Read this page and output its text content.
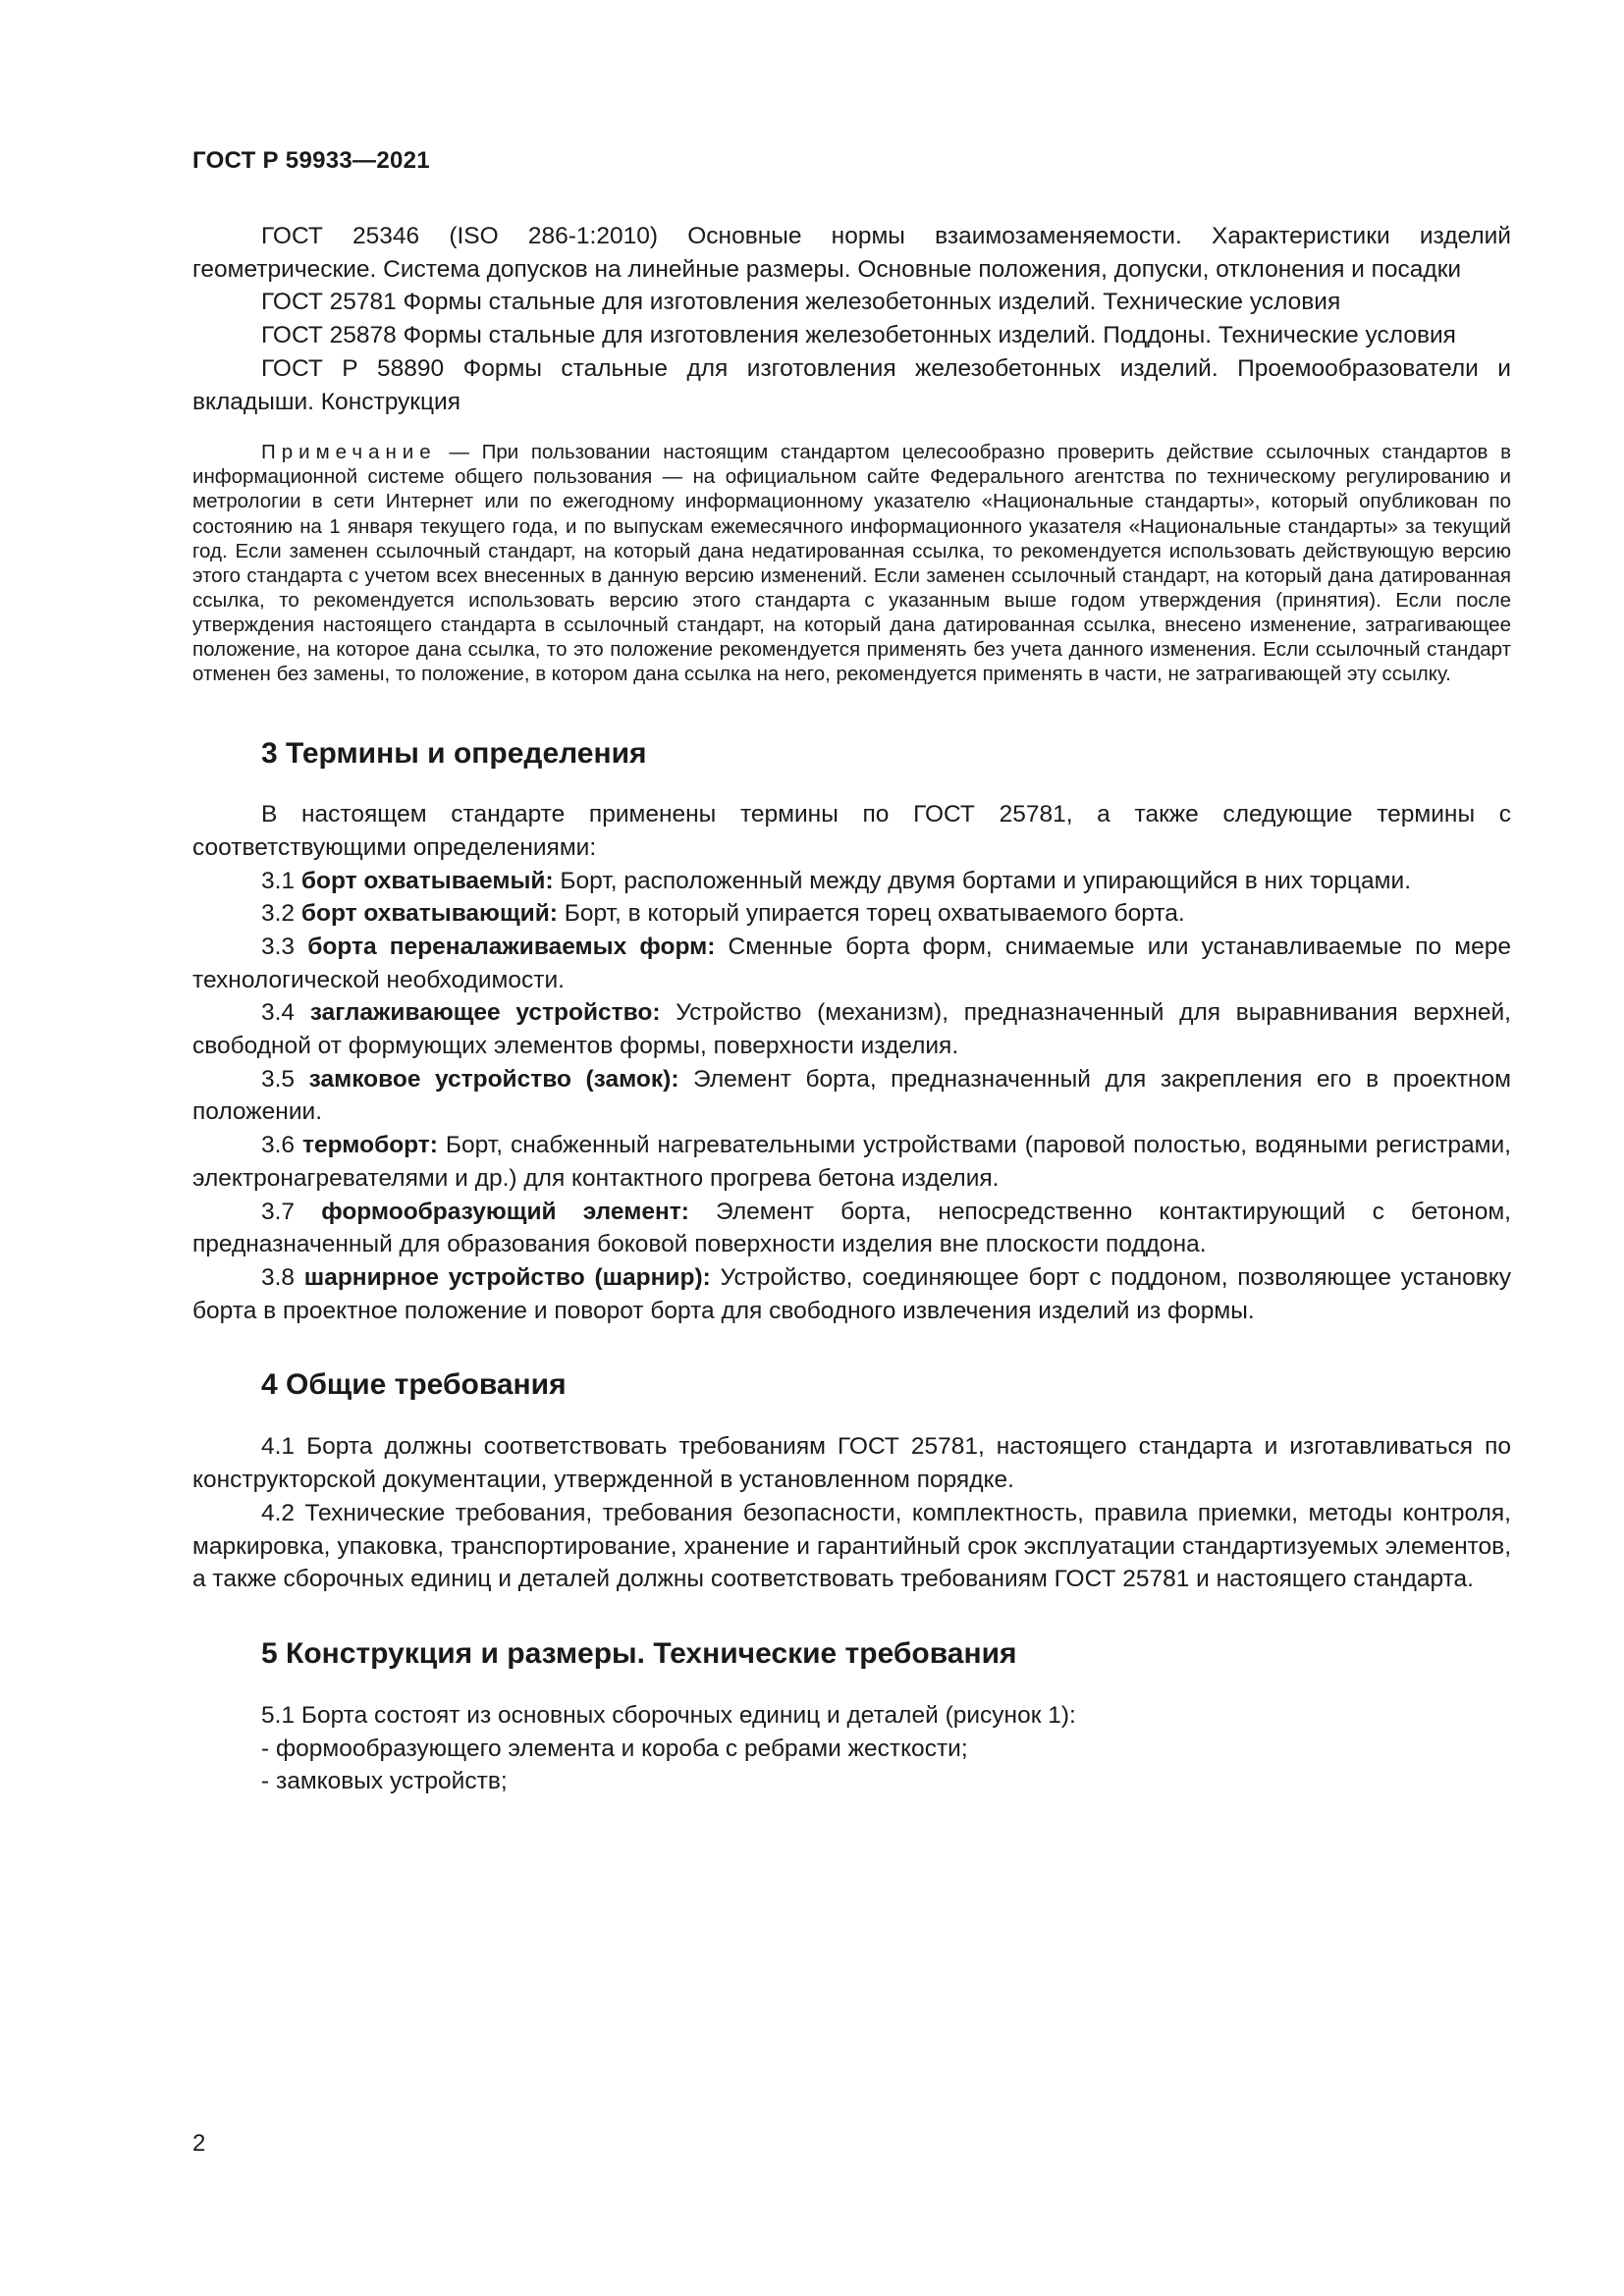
ГОСТ Р 59933—2021

ГОСТ 25346 (ISO 286-1:2010) Основные нормы взаимозаменяемости. Характеристики изделий геометрические. Система допусков на линейные размеры. Основные положения, допуски, отклонения и посадки

ГОСТ 25781 Формы стальные для изготовления железобетонных изделий. Технические условия

ГОСТ 25878 Формы стальные для изготовления железобетонных изделий. Поддоны. Технические условия

ГОСТ Р 58890 Формы стальные для изготовления железобетонных изделий. Проемообразователи и вкладыши. Конструкция

Примечание — При пользовании настоящим стандартом целесообразно проверить действие ссылочных стандартов в информационной системе общего пользования — на официальном сайте Федерального агентства по техническому регулированию и метрологии в сети Интернет или по ежегодному информационному указателю «Национальные стандарты», который опубликован по состоянию на 1 января текущего года, и по выпускам ежемесячного информационного указателя «Национальные стандарты» за текущий год. Если заменен ссылочный стандарт, на который дана недатированная ссылка, то рекомендуется использовать действующую версию этого стандарта с учетом всех внесенных в данную версию изменений. Если заменен ссылочный стандарт, на который дана датированная ссылка, то рекомендуется использовать версию этого стандарта с указанным выше годом утверждения (принятия). Если после утверждения настоящего стандарта в ссылочный стандарт, на который дана датированная ссылка, внесено изменение, затрагивающее положение, на которое дана ссылка, то это положение рекомендуется применять без учета данного изменения. Если ссылочный стандарт отменен без замены, то положение, в котором дана ссылка на него, рекомендуется применять в части, не затрагивающей эту ссылку.

3 Термины и определения

В настоящем стандарте применены термины по ГОСТ 25781, а также следующие термины с соответствующими определениями:

3.1 борт охватываемый: Борт, расположенный между двумя бортами и упирающийся в них торцами.

3.2 борт охватывающий: Борт, в который упирается торец охватываемого борта.

3.3 борта переналаживаемых форм: Сменные борта форм, снимаемые или устанавливаемые по мере технологической необходимости.

3.4 заглаживающее устройство: Устройство (механизм), предназначенный для выравнивания верхней, свободной от формующих элементов формы, поверхности изделия.

3.5 замковое устройство (замок): Элемент борта, предназначенный для закрепления его в проектном положении.

3.6 термоборт: Борт, снабженный нагревательными устройствами (паровой полостью, водяными регистрами, электронагревателями и др.) для контактного прогрева бетона изделия.

3.7 формообразующий элемент: Элемент борта, непосредственно контактирующий с бетоном, предназначенный для образования боковой поверхности изделия вне плоскости поддона.

3.8 шарнирное устройство (шарнир): Устройство, соединяющее борт с поддоном, позволяющее установку борта в проектное положение и поворот борта для свободного извлечения изделий из формы.

4 Общие требования

4.1 Борта должны соответствовать требованиям ГОСТ 25781, настоящего стандарта и изготавливаться по конструкторской документации, утвержденной в установленном порядке.

4.2 Технические требования, требования безопасности, комплектность, правила приемки, методы контроля, маркировка, упаковка, транспортирование, хранение и гарантийный срок эксплуатации стандартизуемых элементов, а также сборочных единиц и деталей должны соответствовать требованиям ГОСТ 25781 и настоящего стандарта.

5 Конструкция и размеры. Технические требования

5.1 Борта состоят из основных сборочных единиц и деталей (рисунок 1):

- формообразующего элемента и короба с ребрами жесткости;

- замковых устройств;

2
